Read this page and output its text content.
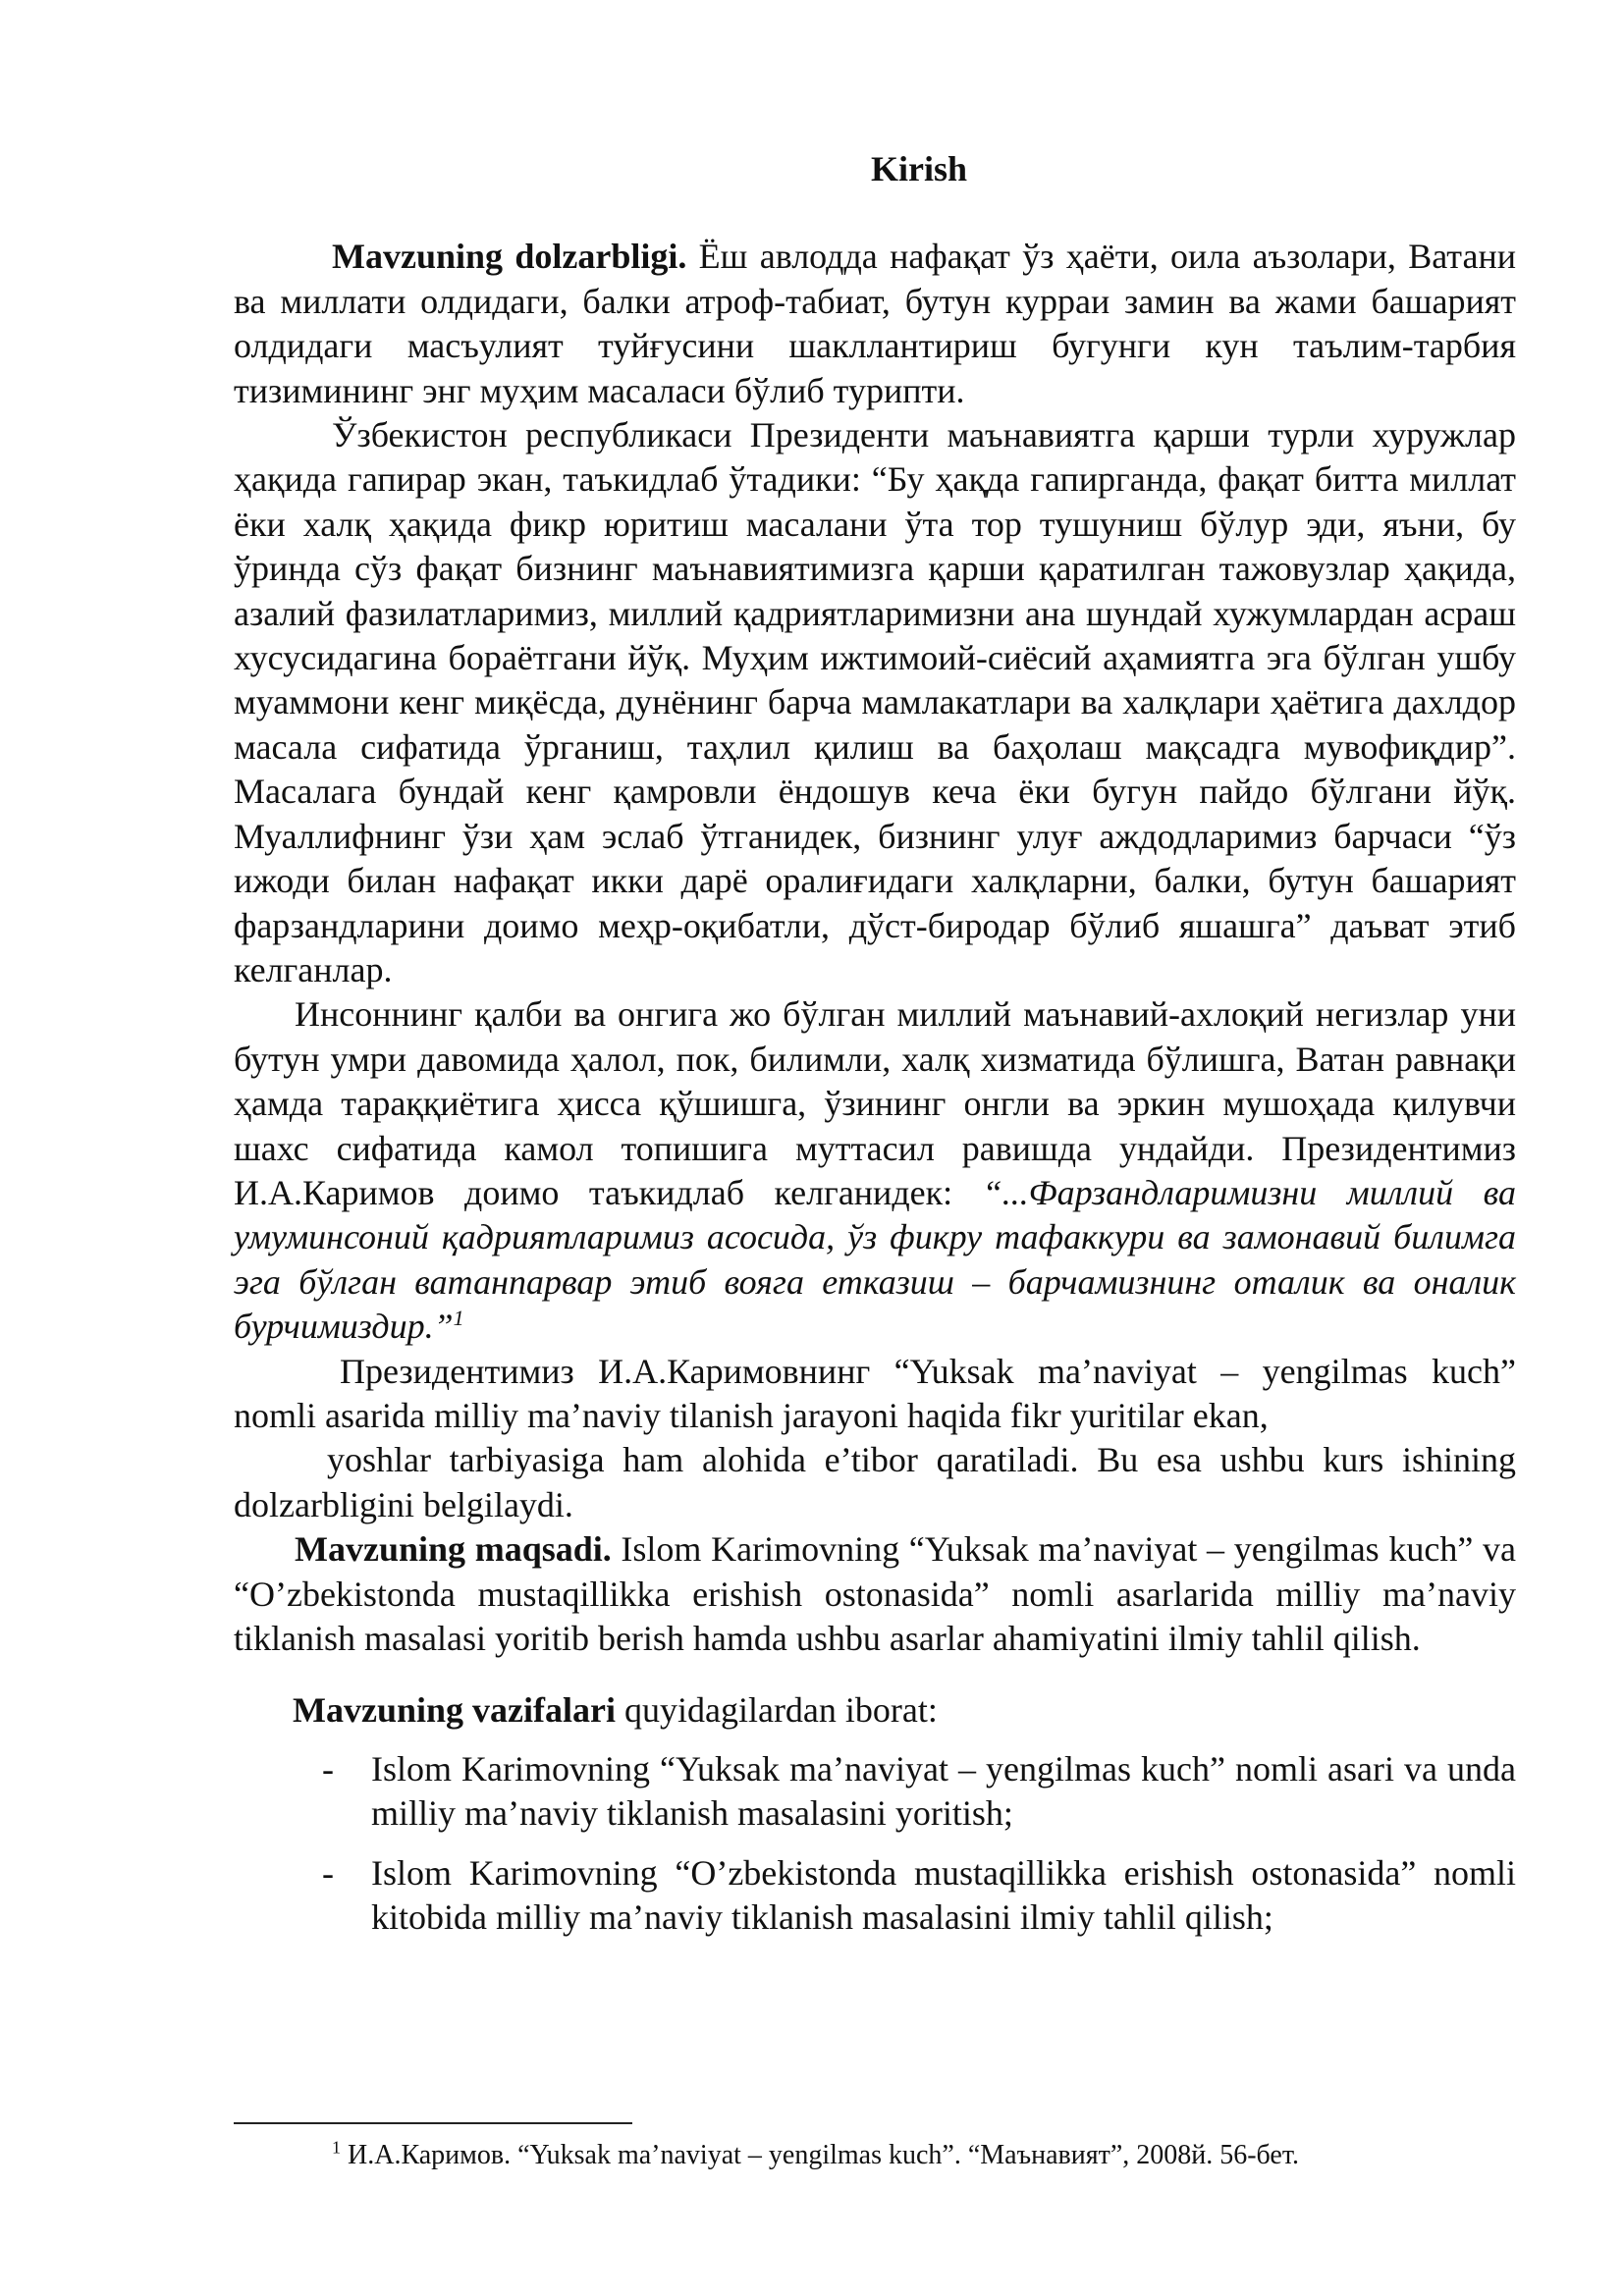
Kirish

Mavzuning dolzarbligi. Ёш авлодда нафақат ўз ҳаёти, оила аъзолари, Ватани ва миллати олдидаги, балки атроф-табиат, бутун курраи замин ва жами башарият олдидаги масъулият туйғусини шакллантириш бугунги кун таълим-тарбия тизимининг энг муҳим масаласи бўлиб турипти.

Ўзбекистон республикаси Президенти маънавиятга қарши турли хуружлар ҳақида гапирар экан, таъкидлаб ўтадики: “Бу ҳақда гапирганда, фақат битта миллат ёки халқ ҳақида фикр юритиш масалани ўта тор тушуниш бўлур эди, яъни, бу ўринда сўз фақат бизнинг маънавиятимизга қарши қаратилган тажовузлар ҳақида, азалий фазилатларимиз, миллий қадриятларимизни ана шундай хужумлардан асраш хусусидагина бораётгани йўқ. Муҳим ижтимоий-сиёсий аҳамиятга эга бўлган ушбу муаммони кенг миқёсда, дунёнинг барча мамлакатлари ва халқлари ҳаётига дахлдор масала сифатида ўрганиш, таҳлил қилиш ва баҳолаш мақсадга мувофиқдир”. Масалага бундай кенг қамровли ёндошув кеча ёки бугун пайдо бўлгани йўқ. Муаллифнинг ўзи ҳам эслаб ўтганидек, бизнинг улуғ аждодларимиз барчаси “ўз ижоди билан нафақат икки дарё оралиғидаги халқларни, балки, бутун башарият фарзандларини доимо меҳр-оқибатли, дўст-биродар бўлиб яшашга” даъват этиб келганлар.

Инсоннинг қалби ва онгига жо бўлган миллий маънавий-ахлоқий негизлар уни бутун умри давомида ҳалол, пок, билимли, халқ хизматида бўлишга, Ватан равнақи ҳамда тараққиётига ҳисса қўшишга, ўзининг онгли ва эркин мушоҳада қилувчи шахс сифатида камол топишига муттасил равишда ундайди. Президентимиз И.А.Каримов доимо таъкидлаб келганидек: “...Фарзандларимизни миллий ва умуминсоний қадриятларимиз асосида, ўз фикру тафаккури ва замонавий билимга эга бўлган ватанпарвар этиб вояга етказиш – барчамизнинг оталик ва оналик бурчимиздир.”$^1$

Президентимиз И.А.Каримовнинг “Yuksak ma’naviyat – yengilmas kuch” nomli asarida milliy ma’naviy tilanish jarayoni haqida fikr yuritilar ekan,

yoshlar tarbiyasiga ham alohida e’tibor qaratiladi. Bu esa ushbu kurs ishining dolzarbligini belgilaydi.

Mavzuning maqsadi. Islom Karimovning “Yuksak ma’naviyat – yengilmas kuch” va “O’zbekistonda mustaqillikka erishish ostonasida” nomli asarlarida milliy ma’naviy tiklanish masalasi yoritib berish hamda ushbu asarlar ahamiyatini ilmiy tahlil qilish.

Mavzuning vazifalari quyidagilardan iborat:

- Islom Karimovning “Yuksak ma’naviyat – yengilmas kuch” nomli asari va unda milliy ma’naviy tiklanish masalasini yoritish;
- Islom Karimovning “O’zbekistonda mustaqillikka erishish ostonasida” nomli kitobida milliy ma’naviy tiklanish masalasini ilmiy tahlil qilish;
$^1$ И.А.Каримов. “Yuksak ma’naviyat – yengilmas kuch”. “Маънавият”, 2008й. 56-бет.
